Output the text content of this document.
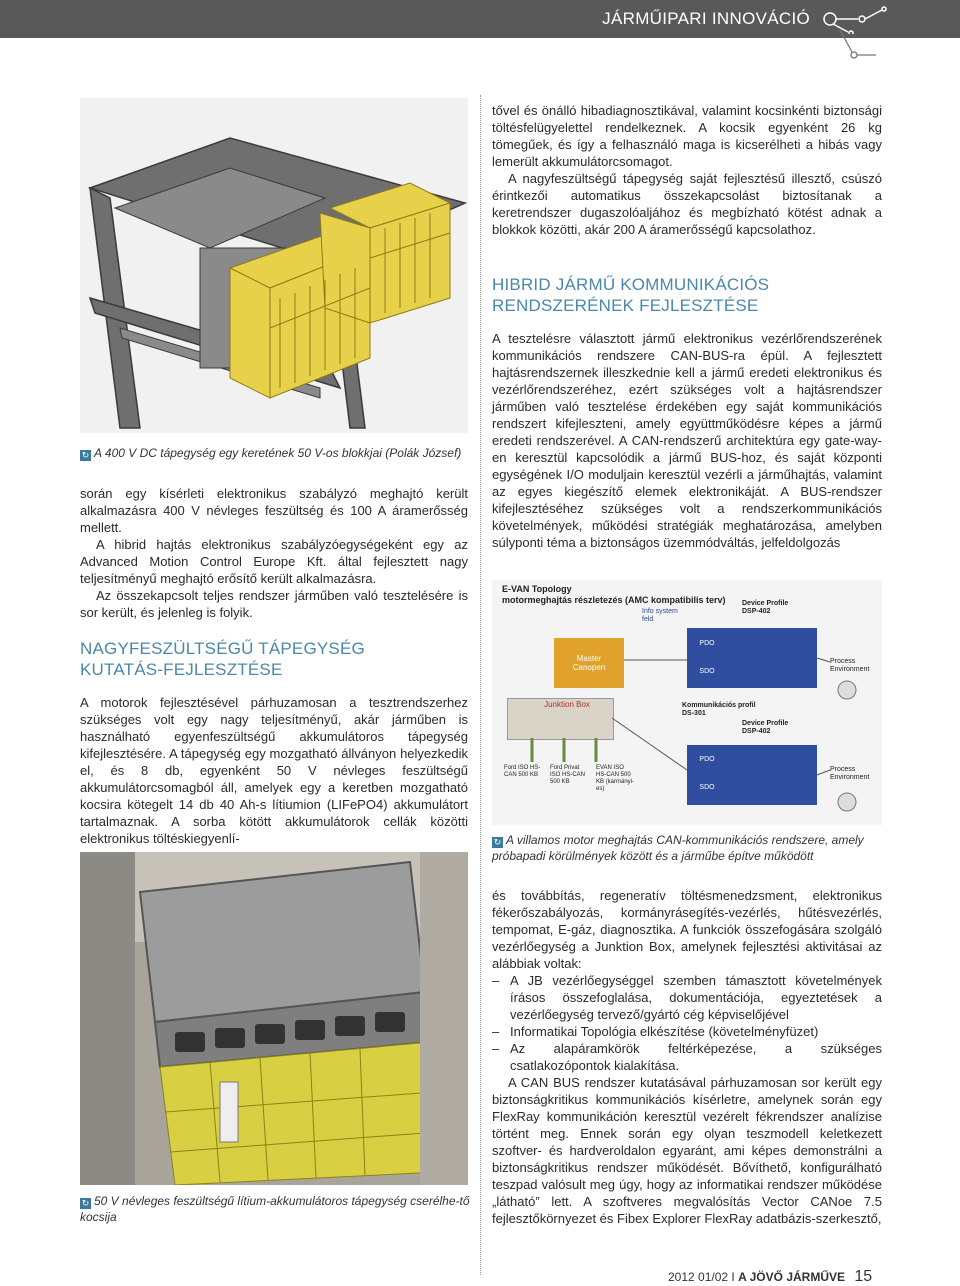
JÁRMŰIPARI INNOVÁCIÓ
↻ A 400 V DC tápegység egy keretének 50 V-os blokkjai (Polák József)

során egy kísérleti elektronikus szabályzó meghajtó került alkalmazásra 400 V névleges feszültség és 100 A áramerősség mellett.

A hibrid hajtás elektronikus szabályzóegységeként egy az Advanced Motion Control Europe Kft. által fejlesztett nagy teljesítményű meghajtó erősítő került alkalmazásra.

Az összekapcsolt teljes rendszer járműben való tesztelésére is sor került, és jelenleg is folyik.

NAGYFESZÜLTSÉGŰ TÁPEGYSÉG
KUTATÁS-FEJLESZTÉSE

A motorok fejlesztésével párhuzamosan a tesztrendszerhez szükséges volt egy nagy teljesítményű, akár járműben is használható egyenfeszültségű akkumulátoros tápegység kifejlesztésére. A tápegység egy mozgatható állványon helyezkedik el, és 8 db, egyenként 50 V névleges feszültségű akkumulátorcsomagból áll, amelyek egy a keretben mozgatható kocsira kötegelt 14 db 40 Ah-s lítiumion (LIFePO4) akkumulátort tartalmaznak. A sorba kötött akkumulátorok cellák közötti elektronikus töltéskiegyenlí-

↻ 50 V névleges feszültségű lítium-akkumulátoros tápegység cserélhe-tő kocsija

tővel és önálló hibadiagnosztikával, valamint kocsinkénti biztonsági töltésfelügyelettel rendelkeznek. A kocsik egyenként 26 kg tömegűek, és így a felhasználó maga is kicserélheti a hibás vagy lemerült akkumulátorcsomagot.

A nagyfeszültségű tápegység saját fejlesztésű illesztő, csúszó érintkezői automatikus összekapcsolást biztosítanak a keretrendszer dugaszolóaljához és megbízható kötést adnak a blokkok közötti, akár 200 A áramerősségű kapcsolathoz.

HIBRID JÁRMŰ KOMMUNIKÁCIÓS
RENDSZERÉNEK FEJLESZTÉSE

A tesztelésre választott jármű elektronikus vezérlőrendszerének kommunikációs rendszere CAN-BUS-ra épül. A fejlesztett hajtásrendszernek illeszkednie kell a jármű eredeti elektronikus és vezérlőrendszeréhez, ezért szükséges volt a hajtásrendszer járműben való tesztelése érdekében egy saját kommunikációs rendszert kifejleszteni, amely együttműködésre képes a jármű eredeti rendszerével. A CAN-rendszerű architektúra egy gate-way-en keresztül kapcsolódik a jármű BUS-hoz, és saját központi egységének I/O moduljain keresztül vezérli a járműhajtás, valamint az egyes kiegészítő elemek elektronikáját. A BUS-rendszer kifejlesztéséhez szükséges volt a rendszerkommunikációs követelmények, működési stratégiák meghatározása, amelyben súlyponti téma a biztonságos üzemmódváltás, jelfeldolgozás

E-VAN Topology
motormeghajtás részletezés (AMC kompatibilis terv)
Info system feld
Master Canopen
Junktion Box
Ford ISO HS-CAN 500 KB
Ford Privat ISO HS-CAN 500 KB
EVAN ISO HS-CAN 500 KB (karmányi-es)
Device Profile DSP-402
PDO
SDO
Kommunikációs profil DS-301
Device Profile DSP-402
PDO
SDO
Process Environment
Process Environment
↻ A villamos motor meghajtás CAN-kommunikációs rendszere, amely próbapadi körülmények között és a járműbe építve működött

és továbbítás, regeneratív töltésmenedzsment, elektronikus fékerőszabályozás, kormányrásegítés-vezérlés, hűtésvezérlés, tempomat, E-gáz, diagnosztika. A funkciók összefogására szolgáló vezérlőegység a Junktion Box, amelynek fejlesztési aktivitásai az alábbiak voltak:

– A JB vezérlőegységgel szemben támasztott követelmények írásos összefoglalása, dokumentációja, egyeztetések a vezérlőegység tervező/gyártó cég képviselőjével
– Informatikai Topológia elkészítése (követelményfüzet)
– Az alapáramkörök feltérképezése, a szükséges csatlakozópontok kialakítása.

A CAN BUS rendszer kutatásával párhuzamosan sor került egy biztonságkritikus kommunikációs kísérletre, amelynek során egy FlexRay kommunikáción keresztül vezérelt fékrendszer analízise történt meg. Ennek során egy olyan teszmodell keletkezett szoftver- és hardveroldalon egyaránt, ami képes demonstrálni a biztonságkritikus rendszer működését. Bővíthető, konfigurálható teszpad valósult meg úgy, hogy az informatikai rendszer működése „látható” lett. A szoftveres megvalósítás Vector CANoe 7.5 fejlesztőkörnyezet és Fibex Explorer FlexRay adatbázis-szerkesztő,

2012 01/02 I A JÖVŐ JÁRMŰVE 15
